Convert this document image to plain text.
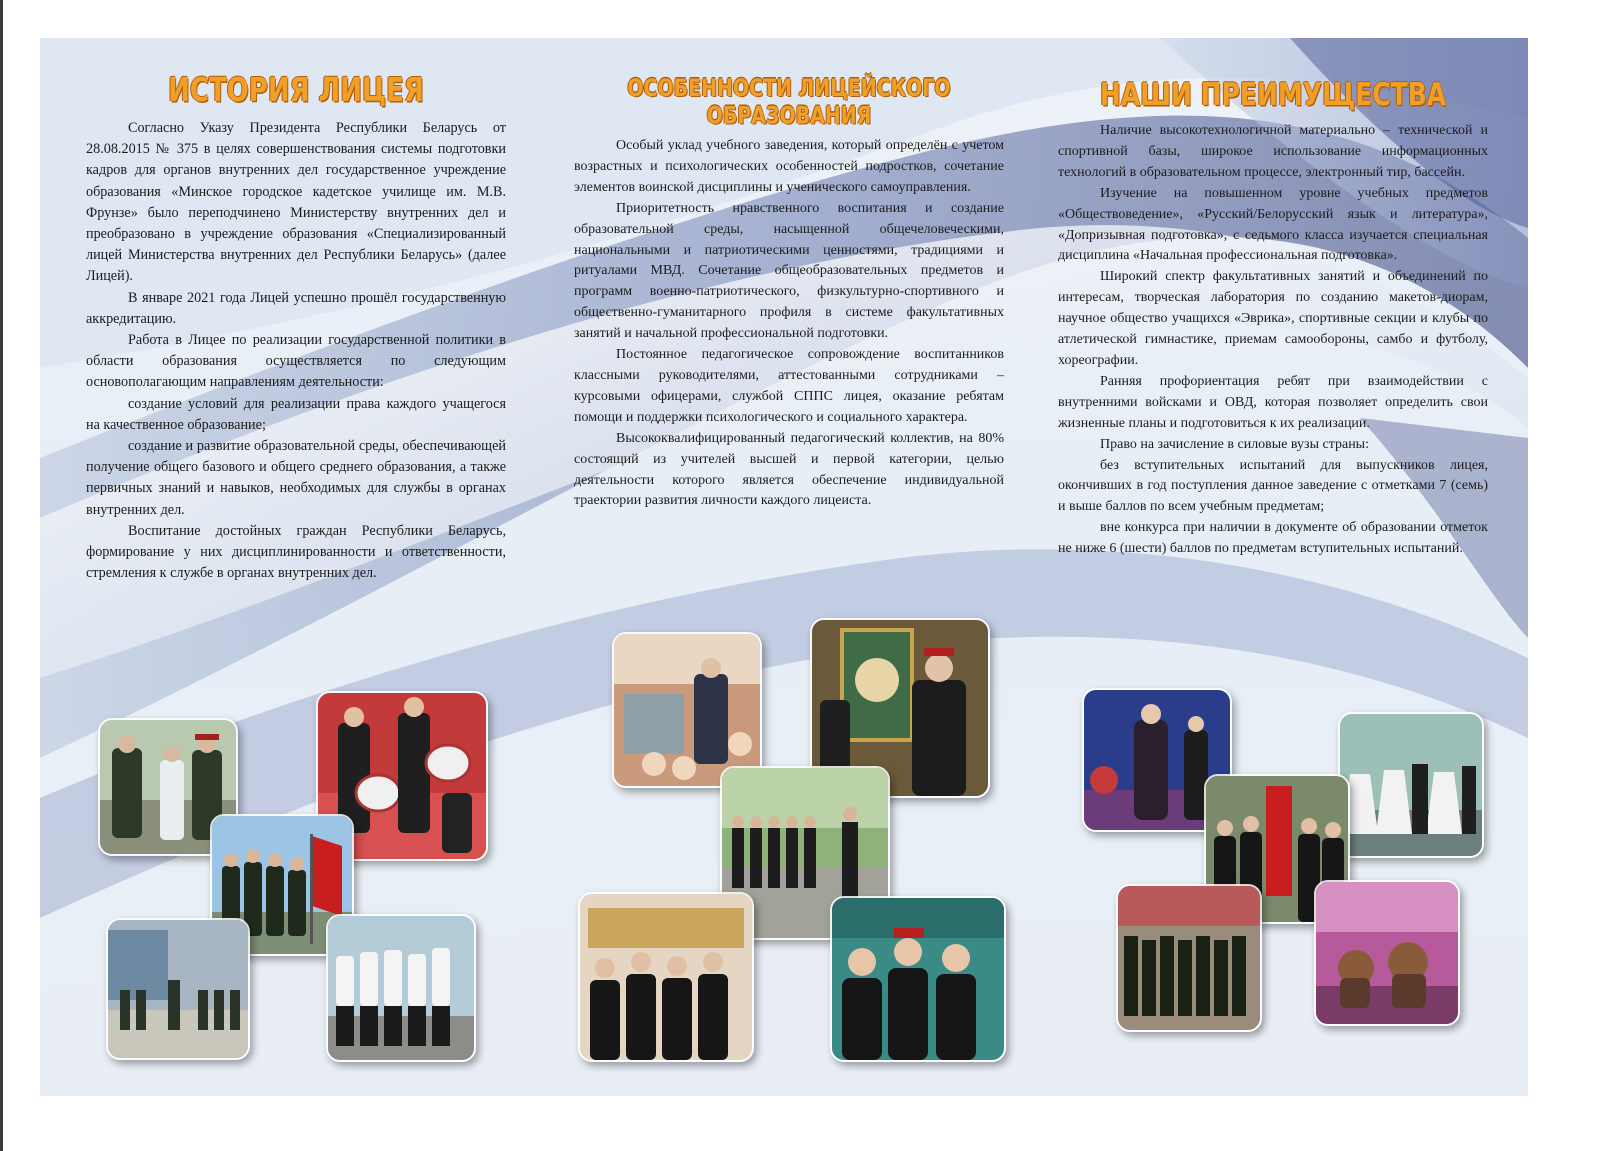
ИСТОРИЯ ЛИЦЕЯ

Согласно Указу Президента Республики Беларусь от 28.08.2015 № 375 в целях совершенствования системы подготовки кадров для органов внутренних дел государственное учреждение образования «Минское городское кадетское училище им. М.В. Фрунзе» было переподчинено Министерству внутренних дел и преобразовано в учреждение образования «Специализированный лицей Министерства внутренних дел Республики Беларусь» (далее Лицей).

В январе 2021 года Лицей успешно прошёл государственную аккредитацию.

Работа в Лицее по реализации государственной политики в области образования осуществляется по следующим основополагающим направлениям деятельности:

создание условий для реализации права каждого учащегося на качественное образование;

создание и развитие образовательной среды, обеспечивающей получение общего базового и общего среднего образования, а также первичных знаний и навыков, необходимых для службы в органах внутренних дел.

Воспитание достойных граждан Республики Беларусь, формирование у них дисциплинированности и ответственности, стремления к службе в органах внутренних дел.

ОСОБЕННОСТИ ЛИЦЕЙСКОГО ОБРАЗОВАНИЯ

Особый уклад учебного заведения, который определён с учетом возрастных и психологических особенностей подростков, сочетание элементов воинской дисциплины и ученического самоуправления.

Приоритетность нравственного воспитания и создание образовательной среды, насыщенной общечеловеческими, национальными и патриотическими ценностями, традициями и ритуалами МВД. Сочетание общеобразовательных предметов и программ военно-патриотического, физкультурно-спортивного и общественно-гуманитарного профиля в системе факультативных занятий и начальной профессиональной подготовки.

Постоянное педагогическое сопровождение воспитанников классными руководителями, аттестованными сотрудниками – курсовыми офицерами, службой СППС лицея, оказание ребятам помощи и поддержки психологического и социального характера.

Высококвалифицированный педагогический коллектив, на 80% состоящий из учителей высшей и первой категории, целью деятельности которого является обеспечение индивидуальной траектории развития личности каждого лицеиста.

НАШИ ПРЕИМУЩЕСТВА

Наличие высокотехнологичной материально – технической и спортивной базы, широкое использование информационных технологий в образовательном процессе, электронный тир, бассейн.

Изучение на повышенном уровне учебных предметов «Обществоведение», «Русский/Белорусский язык и литература», «Допризывная подготовка», с седьмого класса изучается специальная дисциплина «Начальная профессиональная подготовка».

Широкий спектр факультативных занятий и объединений по интересам, творческая лаборатория по созданию макетов-диорам, научное общество учащихся «Эврика», спортивные секции и клубы по атлетической гимнастике, приемам самообороны, самбо и футболу, хореографии.

Ранняя профориентация ребят при взаимодействии с внутренними войсками и ОВД, которая позволяет определить свои жизненные планы и подготовиться к их реализации.

Право на зачисление в силовые вузы страны:

без вступительных испытаний для выпускников лицея, окончивших в год поступления данное заведение с отметками 7 (семь) и выше баллов по всем учебным предметам;

вне конкурса при наличии в документе об образовании отметок не ниже 6 (шести) баллов по предметам вступительных испытаний.
